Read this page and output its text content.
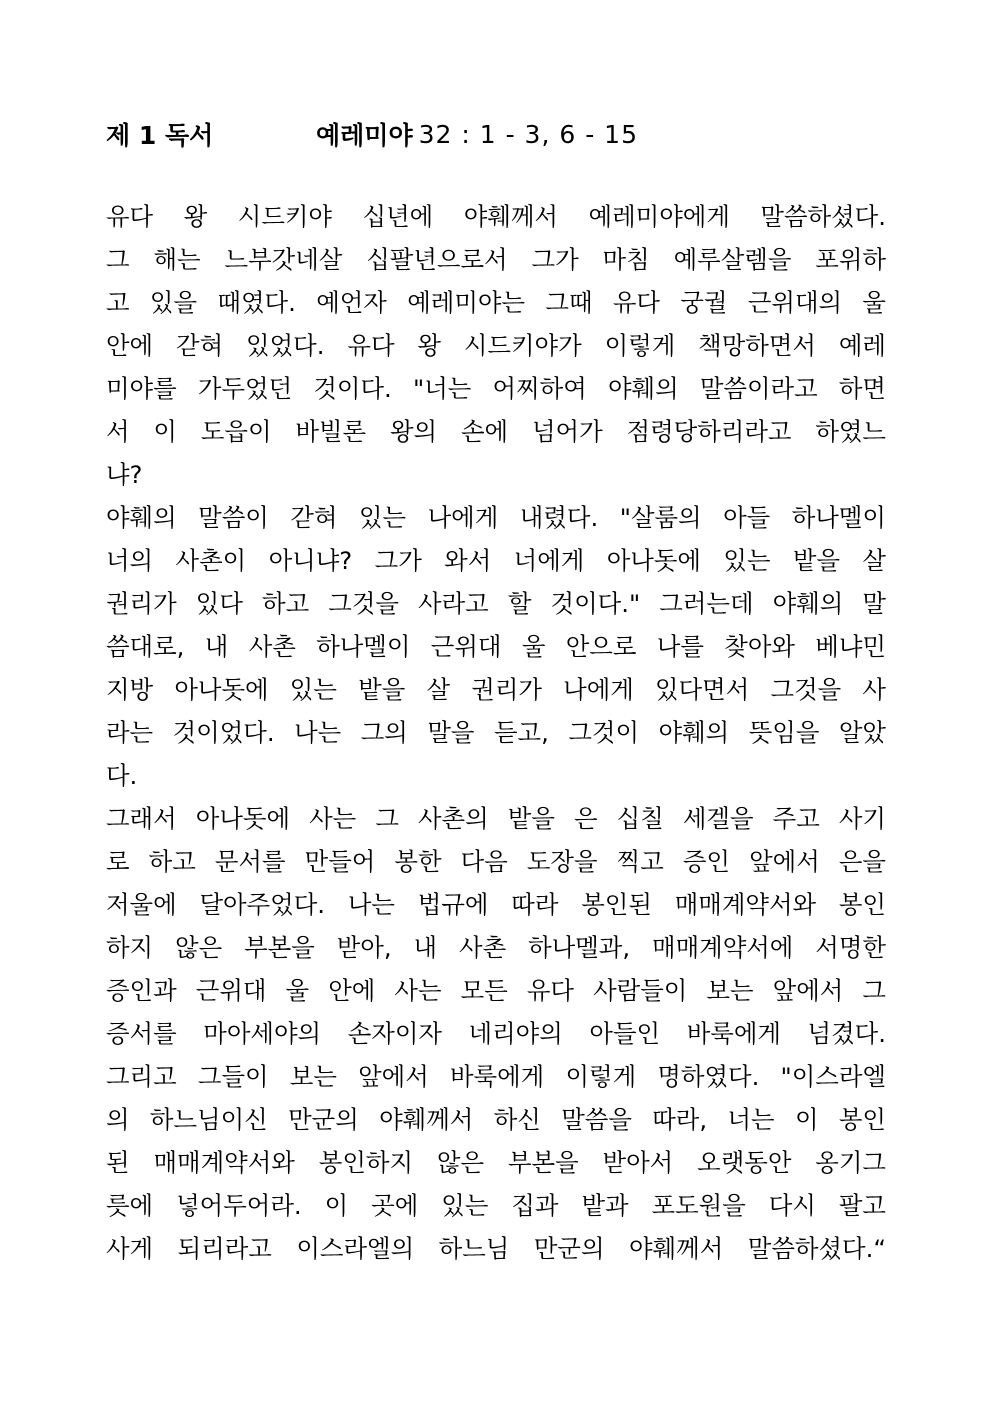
제 1 독서	예레미야 32 : 1 - 3, 6 - 15
유다 왕 시드키야 십년에 야훼께서 예레미야에게 말씀하셨다.
그 해는 느부갓네살 십팔년으로서 그가 마침 예루살렘을 포위하
고 있을 때였다. 예언자 예레미야는 그때 유다 궁궐 근위대의 울
안에 갇혀 있었다. 유다 왕 시드키야가 이렇게 책망하면서 예레
미야를 가두었던 것이다. "너는 어찌하여 야훼의 말씀이라고 하면
서 이 도읍이 바빌론 왕의 손에 넘어가 점령당하리라고 하였느
냐?
야훼의 말씀이 갇혀 있는 나에게 내렸다. "살룸의 아들 하나멜이
너의 사촌이 아니냐? 그가 와서 너에게 아나돗에 있는 밭을 살
권리가 있다 하고 그것을 사라고 할 것이다." 그러는데 야훼의 말
씀대로, 내 사촌 하나멜이 근위대 울 안으로 나를 찾아와 베냐민
지방 아나돗에 있는 밭을 살 권리가 나에게 있다면서 그것을 사
라는 것이었다. 나는 그의 말을 듣고, 그것이 야훼의 뜻임을 알았
다.
그래서 아나돗에 사는 그 사촌의 밭을 은 십칠 세겔을 주고 사기
로 하고 문서를 만들어 봉한 다음 도장을 찍고 증인 앞에서 은을
저울에 달아주었다. 나는 법규에 따라 봉인된 매매계약서와 봉인
하지 않은 부본을 받아, 내 사촌 하나멜과, 매매계약서에 서명한
증인과 근위대 울 안에 사는 모든 유다 사람들이 보는 앞에서 그
증서를 마아세야의 손자이자 네리야의 아들인 바룩에게 넘겼다.
그리고 그들이 보는 앞에서 바룩에게 이렇게 명하였다. "이스라엘
의 하느님이신 만군의 야훼께서 하신 말씀을 따라, 너는 이 봉인
된 매매계약서와 봉인하지 않은 부본을 받아서 오랫동안 옹기그
릇에 넣어두어라. 이 곳에 있는 집과 밭과 포도원을 다시 팔고
사게 되리라고 이스라엘의 하느님 만군의 야훼께서 말씀하셨다.“
